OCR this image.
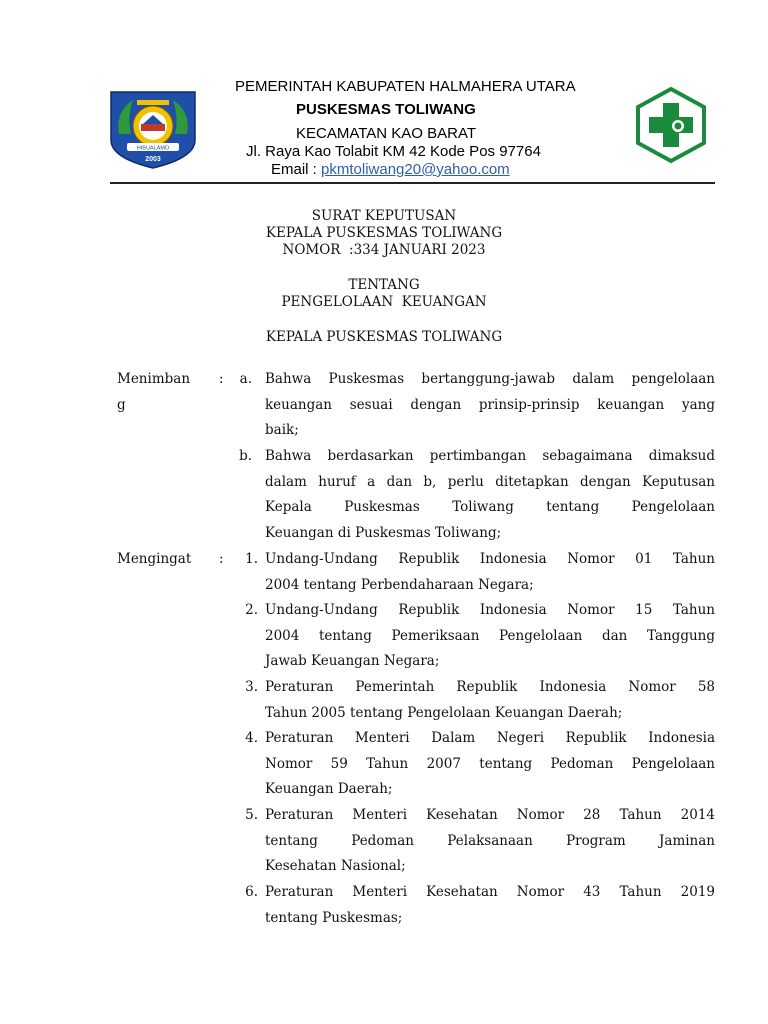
HIBUALAMO
2003
PEMERINTAH KABUPATEN HALMAHERA UTARA
PUSKESMAS TOLIWANG
KECAMATAN KAO BARAT
Jl. Raya Kao Tolabit KM 42 Kode Pos 97764
Email : pkmtoliwang20@yahoo.com
SURAT KEPUTUSAN
KEPALA PUSKESMAS TOLIWANG
NOMOR  :334 JANUARI 2023
TENTANG
PENGELOLAAN  KEUANGAN
KEPALA PUSKESMAS TOLIWANG
Menimban
g
:	a. Bahwa Puskesmas bertanggung-jawab dalam pengelolaan
keuangan sesuai dengan prinsip-prinsip keuangan yang
baik;
b. Bahwa berdasarkan pertimbangan sebagaimana dimaksud
dalam huruf a dan b, perlu ditetapkan dengan Keputusan
Kepala Puskesmas Toliwang tentang Pengelolaan
Keuangan di Puskesmas Toliwang;
Mengingat	:	1. Undang-Undang Republik Indonesia Nomor 01 Tahun
2004 tentang Perbendaharaan Negara;
2. Undang-Undang Republik Indonesia Nomor 15 Tahun
2004 tentang Pemeriksaan Pengelolaan dan Tanggung
Jawab Keuangan Negara;
3. Peraturan Pemerintah Republik Indonesia Nomor 58
Tahun 2005 tentang Pengelolaan Keuangan Daerah;
4. Peraturan Menteri Dalam Negeri Republik Indonesia
Nomor 59 Tahun 2007 tentang Pedoman Pengelolaan
Keuangan Daerah;
5. Peraturan Menteri Kesehatan Nomor 28 Tahun 2014
tentang Pedoman Pelaksanaan Program Jaminan
Kesehatan Nasional;
6. Peraturan Menteri Kesehatan Nomor 43 Tahun 2019
tentang Puskesmas;
